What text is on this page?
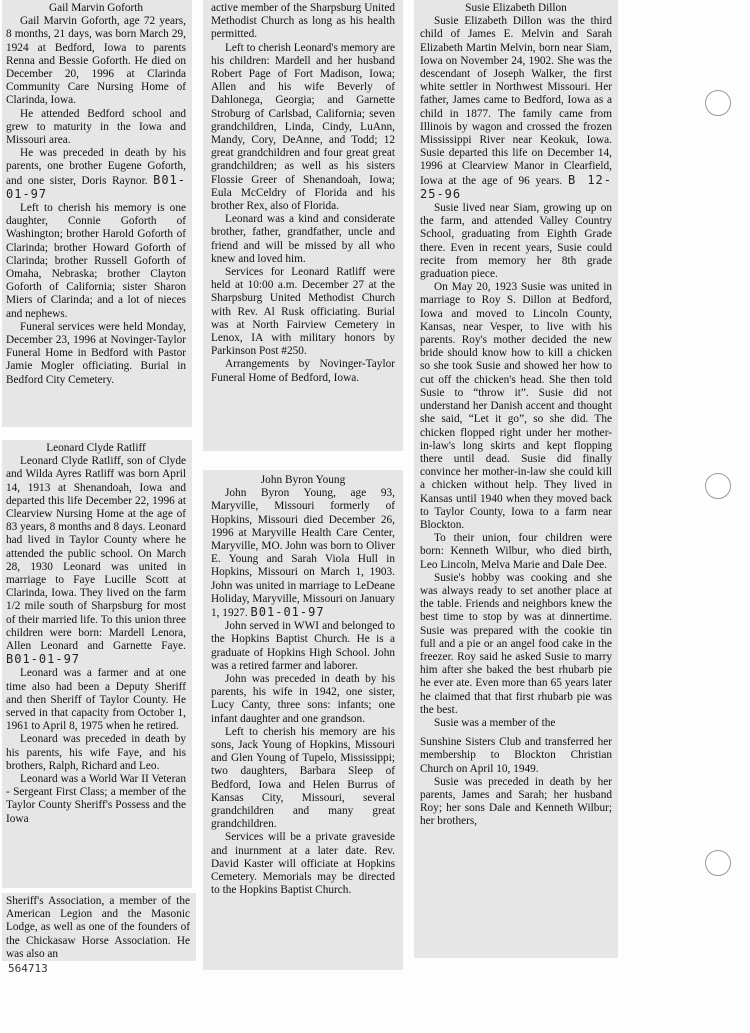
Gail Marvin Goforth

Gail Marvin Goforth, age 72 years, 8 months, 21 days, was born March 29, 1924 at Bedford, Iowa to parents Renna and Bessie Goforth. He died on December 20, 1996 at Clarinda Community Care Nursing Home of Clarinda, Iowa.

He attended Bedford school and grew to maturity in the Iowa and Missouri area.

He was preceded in death by his parents, one brother Eugene Goforth, and one sister, Doris Raynor. B01-01-97

Left to cherish his memory is one daughter, Connie Goforth of Washington; brother Harold Goforth of Clarinda; brother Howard Goforth of Clarinda; brother Russell Goforth of Omaha, Nebraska; brother Clayton Goforth of California; sister Sharon Miers of Clarinda; and a lot of nieces and nephews.

Funeral services were held Monday, December 23, 1996 at Novinger-Taylor Funeral Home in Bedford with Pastor Jamie Mogler officiating. Burial in Bedford City Cemetery.

Leonard Clyde Ratliff

Leonard Clyde Ratliff, son of Clyde and Wilda Ayres Ratliff was born April 14, 1913 at Shenandoah, Iowa and departed this life December 22, 1996 at Clearview Nursing Home at the age of 83 years, 8 months and 8 days. Leonard had lived in Taylor County where he attended the public school. On March 28, 1930 Leonard was united in marriage to Faye Lucille Scott at Clarinda, Iowa. They lived on the farm 1/2 mile south of Sharpsburg for most of their married life. To this union three children were born: Mardell Lenora, Allen Leonard and Garnette Faye. B01-01-97

Leonard was a farmer and at one time also had been a Deputy Sheriff and then Sheriff of Taylor County. He served in that capacity from October 1, 1961 to April 8, 1975 when he retired.

Leonard was preceded in death by his parents, his wife Faye, and his brothers, Ralph, Richard and Leo.

Leonard was a World War II Veteran - Sergeant First Class; a member of the Taylor County Sheriff's Possess and the Iowa

Sheriff's Association, a member of the American Legion and the Masonic Lodge, as well as one of the founders of the Chickasaw Horse Association. He was also an

active member of the Sharpsburg United Methodist Church as long as his health permitted.

Left to cherish Leonard's memory are his children: Mardell and her husband Robert Page of Fort Madison, Iowa; Allen and his wife Beverly of Dahlonega, Georgia; and Garnette Stroburg of Carlsbad, California; seven grandchildren, Linda, Cindy, LuAnn, Mandy, Cory, DeAnne, and Todd; 12 great grandchildren and four great great grandchildren; as well as his sisters Flossie Greer of Shenandoah, Iowa; Eula McCeldry of Florida and his brother Rex, also of Florida.

Leonard was a kind and considerate brother, father, grandfather, uncle and friend and will be missed by all who knew and loved him.

Services for Leonard Ratliff were held at 10:00 a.m. December 27 at the Sharpsburg United Methodist Church with Rev. Al Rusk officiating. Burial was at North Fairview Cemetery in Lenox, IA with military honors by Parkinson Post #250.

Arrangements by Novinger-Taylor Funeral Home of Bedford, Iowa.

John Byron Young

John Byron Young, age 93, Maryville, Missouri formerly of Hopkins, Missouri died December 26, 1996 at Maryville Health Care Center, Maryville, MO. John was born to Oliver E. Young and Sarah Viola Hull in Hopkins, Missouri on March 1, 1903. John was united in marriage to LeDeane Holiday, Maryville, Missouri on January 1, 1927. B01-01-97

John served in WWI and belonged to the Hopkins Baptist Church. He is a graduate of Hopkins High School. John was a retired farmer and laborer.

John was preceded in death by his parents, his wife in 1942, one sister, Lucy Canty, three sons: infants; one infant daughter and one grandson.

Left to cherish his memory are his sons, Jack Young of Hopkins, Missouri and Glen Young of Tupelo, Mississippi; two daughters, Barbara Sleep of Bedford, Iowa and Helen Burrus of Kansas City, Missouri, several grandchildren and many great grandchildren.

Services will be a private graveside and inurnment at a later date. Rev. David Kaster will officiate at Hopkins Cemetery. Memorials may be directed to the Hopkins Baptist Church.

Susie Elizabeth Dillon

Susie Elizabeth Dillon was the third child of James E. Melvin and Sarah Elizabeth Martin Melvin, born near Siam, Iowa on November 24, 1902. She was the descendant of Joseph Walker, the first white settler in Northwest Missouri. Her father, James came to Bedford, Iowa as a child in 1877. The family came from Illinois by wagon and crossed the frozen Mississippi River near Keokuk, Iowa. Susie departed this life on December 14, 1996 at Clearview Manor in Clearfield, Iowa at the age of 96 years. B 12-25-96

Susie lived near Siam, growing up on the farm, and attended Valley Country School, graduating from Eighth Grade there. Even in recent years, Susie could recite from memory her 8th grade graduation piece.

On May 20, 1923 Susie was united in marriage to Roy S. Dillon at Bedford, Iowa and moved to Lincoln County, Kansas, near Vesper, to live with his parents. Roy's mother decided the new bride should know how to kill a chicken so she took Susie and showed her how to cut off the chicken's head. She then told Susie to “throw it”. Susie did not understand her Danish accent and thought she said, “Let it go”, so she did. The chicken flopped right under her mother-in-law's long skirts and kept flopping there until dead. Susie did finally convince her mother-in-law she could kill a chicken without help. They lived in Kansas until 1940 when they moved back to Taylor County, Iowa to a farm near Blockton.

To their union, four children were born: Kenneth Wilbur, who died birth, Leo Lincoln, Melva Marie and Dale Dee.

Susie's hobby was cooking and she was always ready to set another place at the table. Friends and neighbors knew the best time to stop by was at dinnertime. Susie was prepared with the cookie tin full and a pie or an angel food cake in the freezer. Roy said he asked Susie to marry him after she baked the best rhubarb pie he ever ate. Even more than 65 years later he claimed that that first rhubarb pie was the best.

Susie was a member of the

Sunshine Sisters Club and transferred her membership to Blockton Christian Church on April 10, 1949.

Susie was preceded in death by her parents, James and Sarah; her husband Roy; her sons Dale and Kenneth Wilbur; her brothers,

564713
